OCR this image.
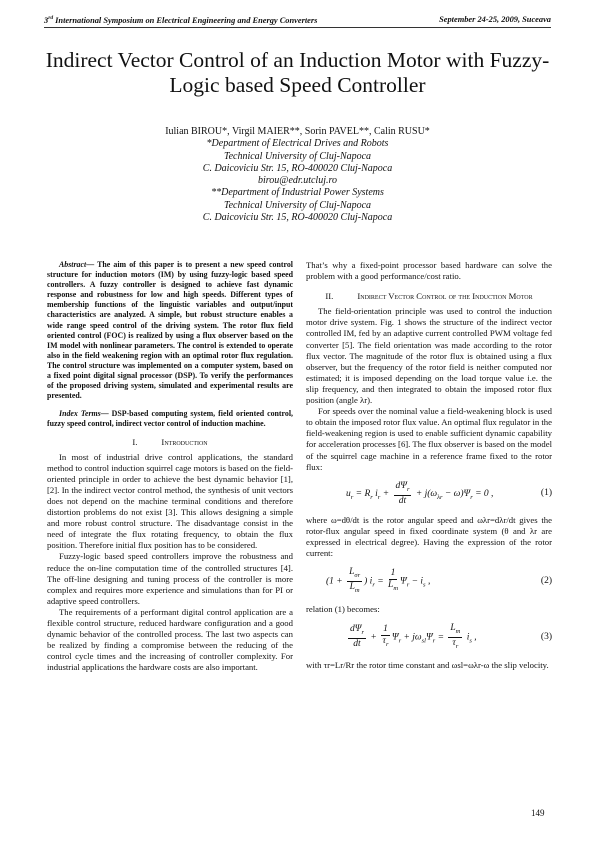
3rd International Symposium on Electrical Engineering and Energy Converters	September 24-25, 2009, Suceava
Indirect Vector Control of an Induction Motor with Fuzzy-Logic based Speed Controller
Iulian BIROU*, Virgil MAIER**, Sorin PAVEL**, Calin RUSU*
*Department of Electrical Drives and Robots
Technical University of Cluj-Napoca
C. Daicoviciu Str. 15, RO-400020 Cluj-Napoca
birou@edr.utcluj.ro
**Department of Industrial Power Systems
Technical University of Cluj-Napoca
C. Daicoviciu Str. 15, RO-400020 Cluj-Napoca

Abstract— The aim of this paper is to present a new speed control structure for induction motors (IM) by using fuzzy-logic based speed controllers. A fuzzy controller is designed to achieve fast dynamic response and robustness for low and high speeds. Different types of membership functions of the linguistic variables and output/input characteristics are analyzed. A simple, but robust structure enables a wide range speed control of the driving system. The rotor flux field oriented control (FOC) is realized by using a flux observer based on the IM model with nonlinear parameters. The control is extended to operate also in the field weakening region with an optimal rotor flux regulation. The control structure was implemented on a computer system, based on a fixed point digital signal processor (DSP). To verify the performances of the proposed driving system, simulated and experimental results are presented.

Index Terms— DSP-based computing system, field oriented control, fuzzy speed control, indirect vector control of induction machine.

I.	Introduction

In most of industrial drive control applications, the standard method to control induction squirrel cage motors is based on the field-oriented principle in order to achieve the best dynamic behavior [1], [2]. In the indirect vector control method, the synthesis of unit vectors does not depend on the machine terminal conditions and therefore distortion problems do not exist [3]. This allows designing a simple and more robust control structure. The disadvantage consist in the need of integrate the flux rotating frequency, to obtain the flux position. Therefore initial flux position has to be considered.

Fuzzy-logic based speed controllers improve the robustness and reduce the on-line computation time of the controlled structures [4]. The off-line designing and tuning process of the controller is more complex and requires more experience and simulations than for PI or adaptive speed controllers.

The requirements of a performant digital control application are a flexible control structure, reduced hardware configuration and a good dynamic behavior of the controlled process. The last two aspects can be realized by finding a compromise between the reducing of the control cycle times and the increasing of controller complexity. For industrial applications the hardware costs are also important.

That’s why a fixed-point processor based hardware can solve the problem with a good performance/cost ratio.

II.	Indirect Vector Control of the Induction Motor

The field-orientation principle was used to control the induction motor drive system. Fig. 1 shows the structure of the indirect vector controlled IM, fed by an adaptive current controlled PWM voltage fed converter [5]. The field orientation was made according to the rotor flux vector. The magnitude of the rotor flux is obtained using a flux observer, but the frequency of the rotor field is neither computed nor estimated; it is imposed depending on the load torque value i.e. the slip frequency, and then integrated to obtain the imposed rotor flux position (angle λr).

For speeds over the nominal value a field-weakening block is used to obtain the imposed rotor flux value. An optimal flux regulator in the field-weakening region is used to enable sufficient dynamic capability for acceleration processes [6]. The flux observer is based on the model of the squirrel cage machine in a reference frame fixed to the rotor flux:

$u_r = R_r$ $i_r + \frac{d\Psi_r}{dt} + j(\omega_{\lambda r} - \omega)\Psi_r = 0$ ,	(1)

where ω=dθ/dt is the rotor angular speed and ωλr=dλr/dt gives the rotor-flux angular speed in fixed coordinate system (θ and λr are expressed in electrical degree). Having the expression of the rotor current:

($1 + \frac{L_{\sigma r}}{L_m}$ ) $i_r = \frac{1}{L_m} \Psi_r - i_s$ ,	(2)

relation (1) becomes:

$\frac{d\Psi_r}{dt} + \frac{1}{\tau_r} \Psi_r + j\omega_{sl}\Psi_r = \frac{L_m}{\tau_r} i_s$ ,	(3)

with τr=Lr/Rr the rotor time constant and ωsl=ωλr-ω the slip velocity.

149
